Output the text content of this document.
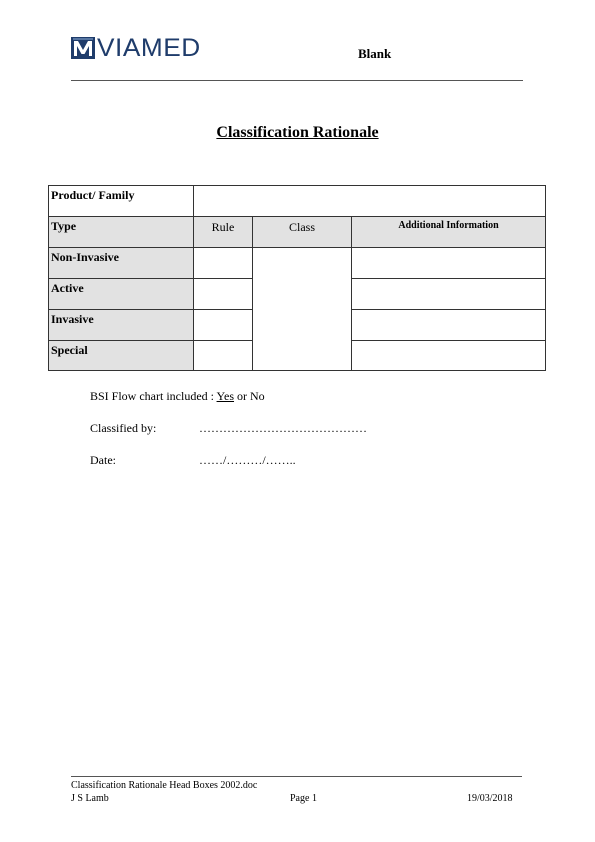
VIAMED	Blank
Classification Rationale
Product/ Family
Type	Rule	Class	Additional Information
Non-Invasive
Active
Invasive
Special
BSI Flow chart included : Yes or No
Classified by:	……………………………………
Date:	……/………/……..
Classification Rationale Head Boxes 2002.doc
J S Lamb	Page 1	19/03/2018
